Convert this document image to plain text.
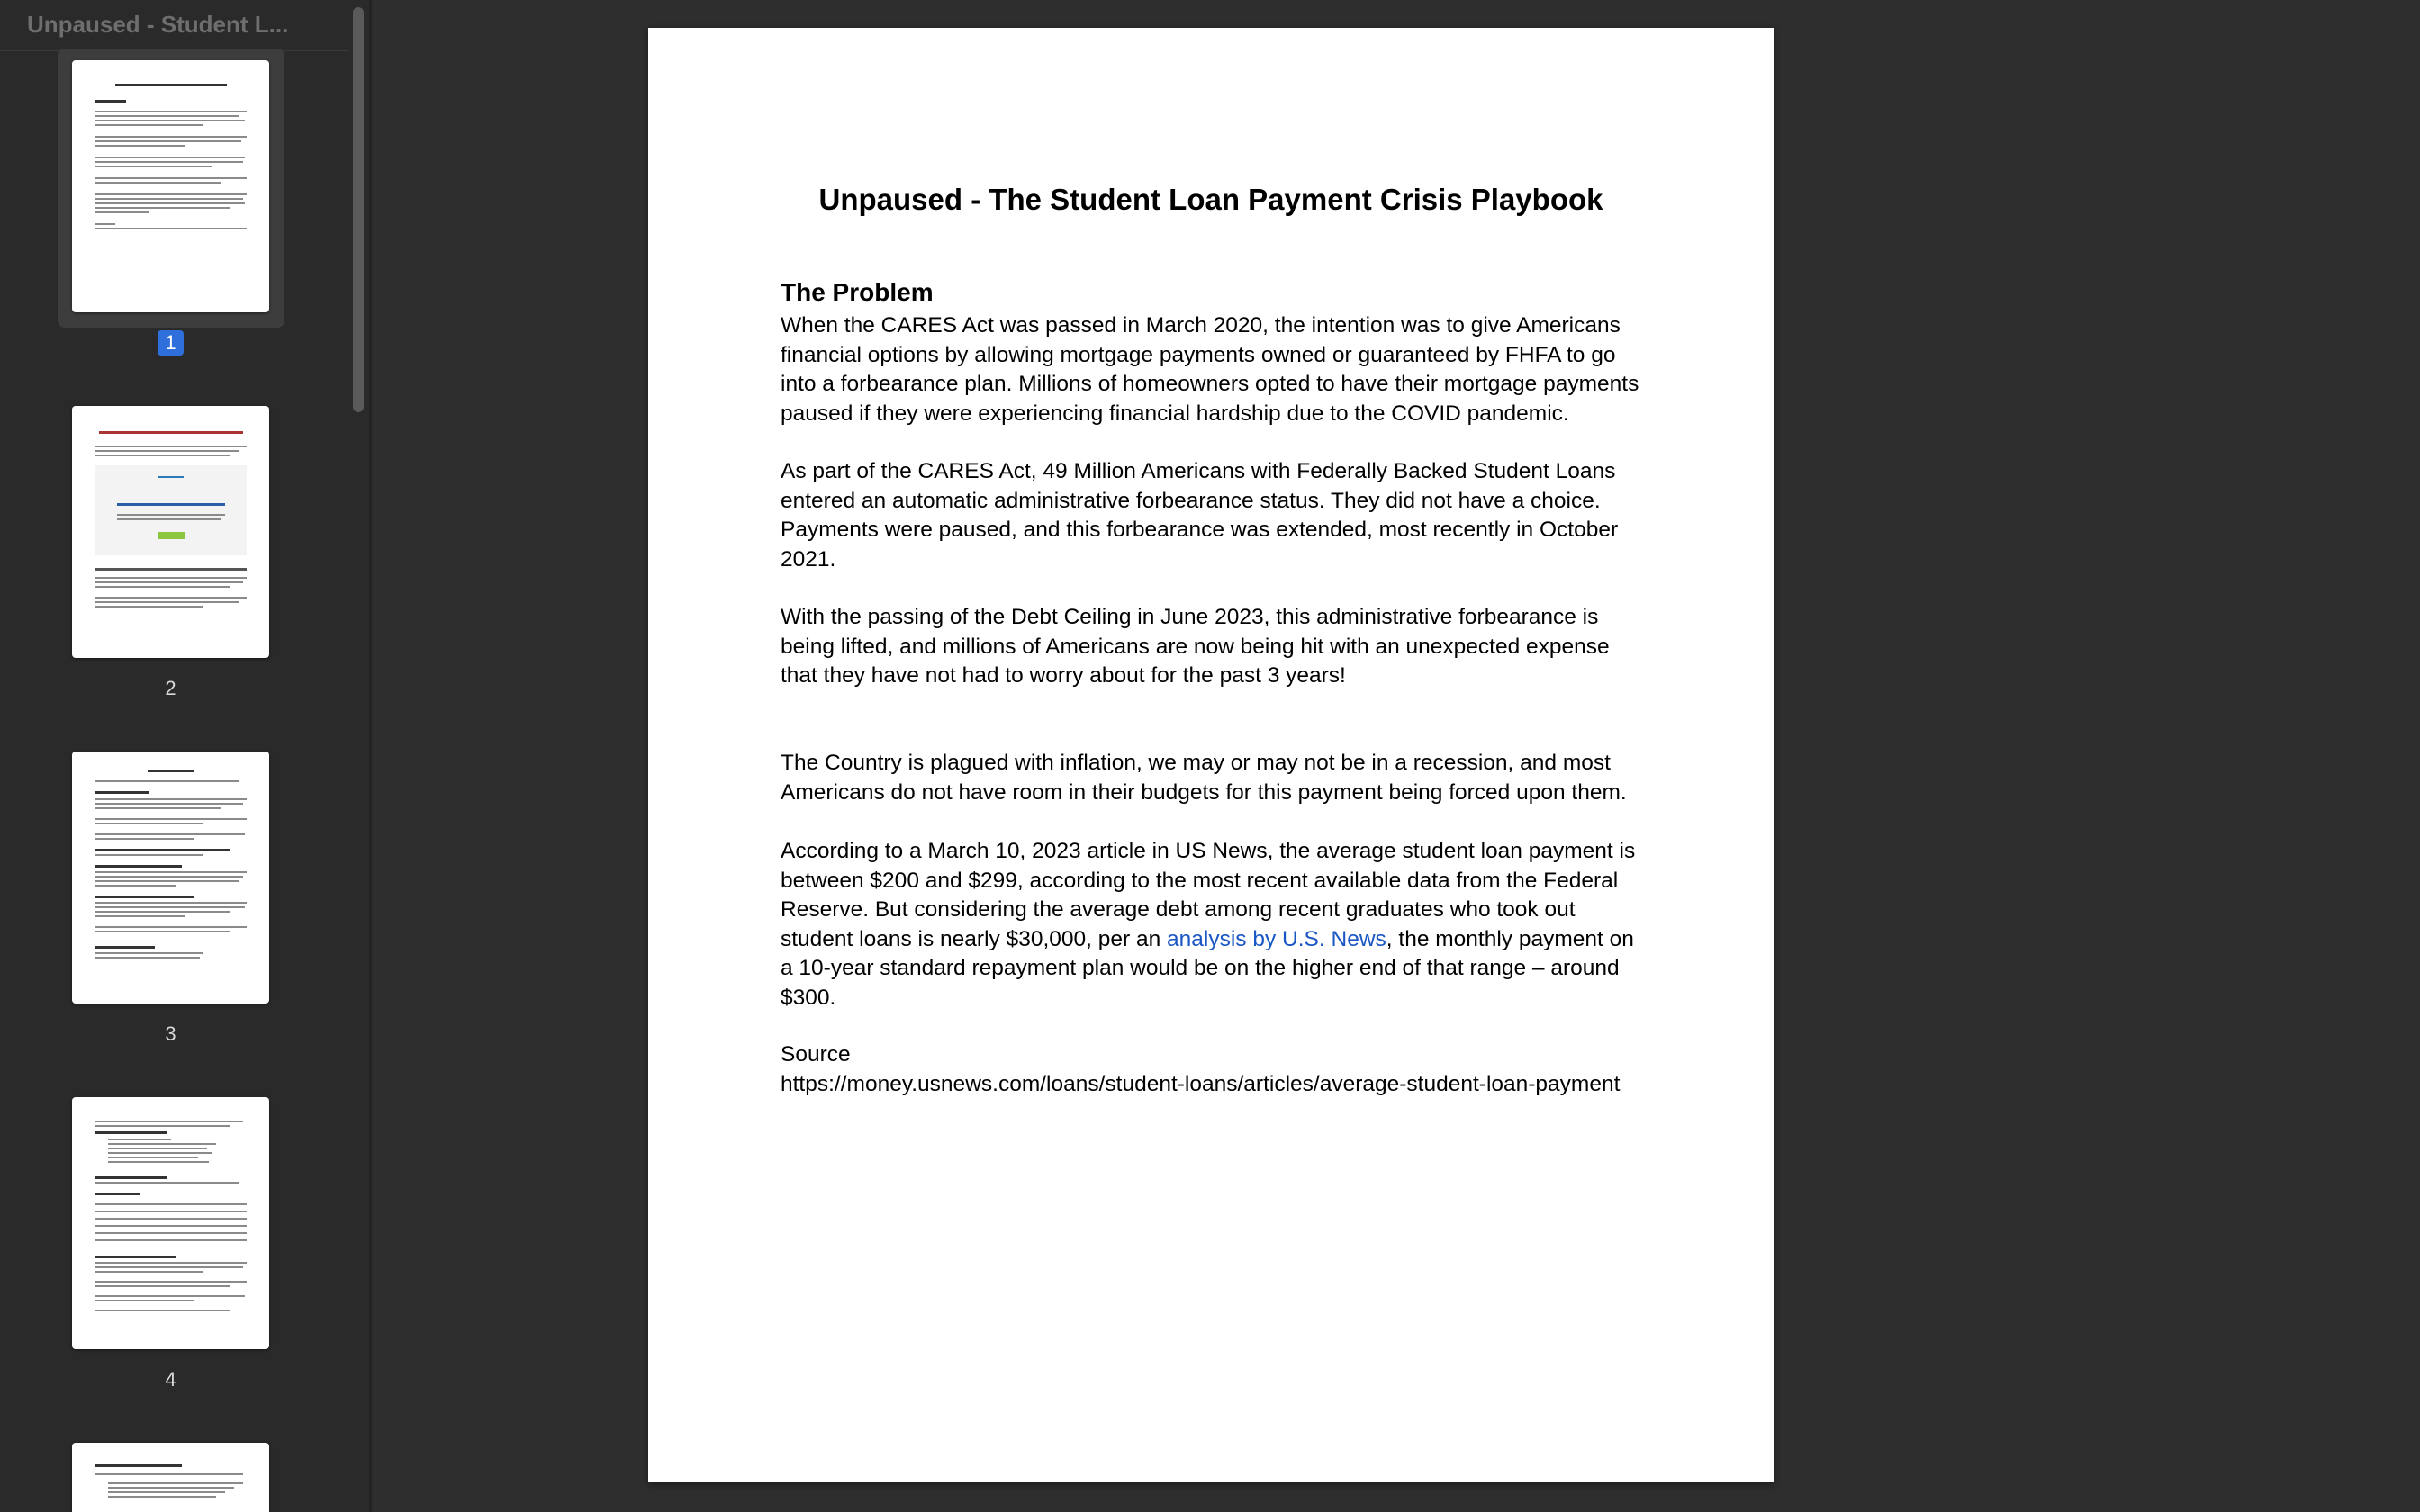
Unpaused - Student L...
1
2
3
4
Unpaused - The Student Loan Payment Crisis Playbook
The Problem
When the CARES Act was passed in March 2020, the intention was to give Americans financial options by allowing mortgage payments owned or guaranteed by FHFA to go into a forbearance plan. Millions of homeowners opted to have their mortgage payments paused if they were experiencing financial hardship due to the COVID pandemic.
As part of the CARES Act, 49 Million Americans with Federally Backed Student Loans entered an automatic administrative forbearance status. They did not have a choice. Payments were paused, and this forbearance was extended, most recently in October 2021.
With the passing of the Debt Ceiling in June 2023, this administrative forbearance is being lifted, and millions of Americans are now being hit with an unexpected expense that they have not had to worry about for the past 3 years!
The Country is plagued with inflation, we may or may not be in a recession, and most Americans do not have room in their budgets for this payment being forced upon them.
According to a March 10, 2023 article in US News, the average student loan payment is between $200 and $299, according to the most recent available data from the Federal Reserve. But considering the average debt among recent graduates who took out student loans is nearly $30,000, per an analysis by U.S. News, the monthly payment on a 10-year standard repayment plan would be on the higher end of that range – around $300.
Source
https://money.usnews.com/loans/student-loans/articles/average-student-loan-payment
